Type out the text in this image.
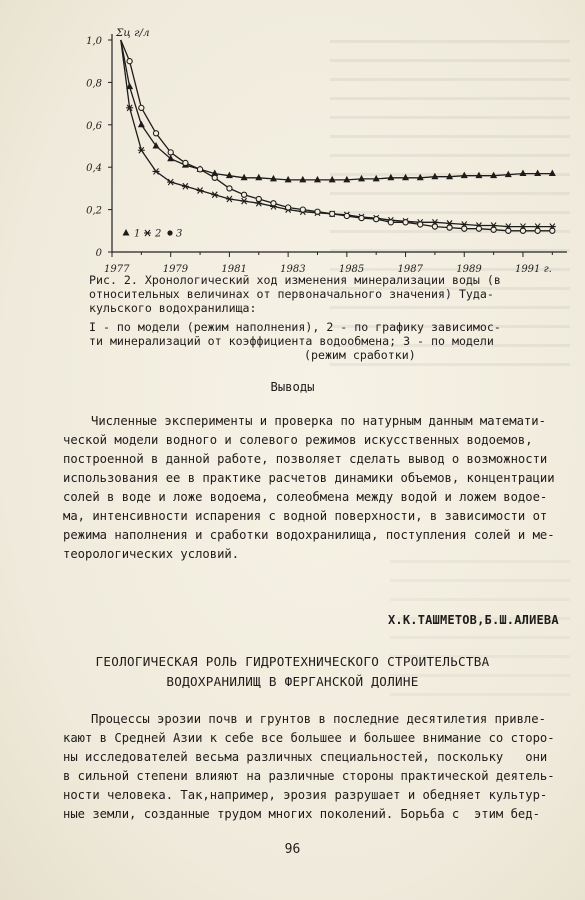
0
0,2
0,4
0,6
0,8
1,0
Σц г/л
1977	1979	1981	1983	1985	1987	1989	1991 г.
1 2 3
Рис. 2. Хронологический ход изменения минерализации воды (в
относительных величинах от первоначального значения) Туда-
кульского водохранилища:
I - по модели (режим наполнения), 2 - по графику зависимос-
ти минерализаций от коэффициента водообмена; 3 - по модели
(режим сработки)
Выводы
Численные эксперименты и проверка по натурным данным математи-
ческой модели водного и солевого режимов искусственных водоемов,
построенной в данной работе, позволяет сделать вывод о возможности
использования ее в практике расчетов динамики объемов, концентрации
солей в воде и ложе водоема, солеобмена между водой и ложем водое-
ма, интенсивности испарения с водной поверхности, в зависимости от
режима наполнения и сработки водохранилища, поступления солей и ме-
теорологических условий.
Х.К.ТАШМЕТОВ,Б.Ш.АЛИЕВА
ГЕОЛОГИЧЕСКАЯ РОЛЬ ГИДРОТЕХНИЧЕСКОГО СТРОИТЕЛЬСТВА
ВОДОХРАНИЛИЩ В ФЕРГАНСКОЙ ДОЛИНЕ
Процессы эрозии почв и грунтов в последние десятилетия привле-
кают в Средней Азии к себе все большее и большее внимание со сторо-
ны исследователей весьма различных специальностей, поскольку   они
в сильной степени влияют на различные стороны практической деятель-
ности человека. Так,например, эрозия разрушает и обедняет культур-
ные земли, созданные трудом многих поколений. Борьба с  этим бед-
96
